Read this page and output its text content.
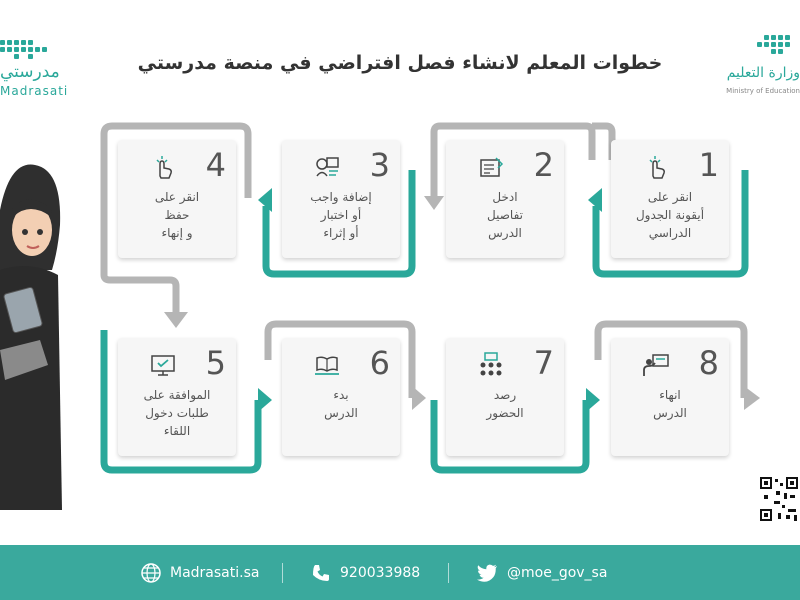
وزارة التعليم
Ministry of Education
مدرستي
Madrasati
خطوات المعلم لانشاء فصل افتراضي في منصة مدرستي
1
انقر على
أيقونة الجدول
الدراسي
2
ادخل
تفاصيل
الدرس
3
إضافة واجب
أو اختبار
أو إثراء
4
انقر على
حفظ
و إنهاء
5
الموافقة على
طلبات دخول
اللقاء
6
بدء
الدرس
7
رصد
الحضور
8
انهاء
الدرس
Madrasati.sa	920033988	@moe_gov_sa
